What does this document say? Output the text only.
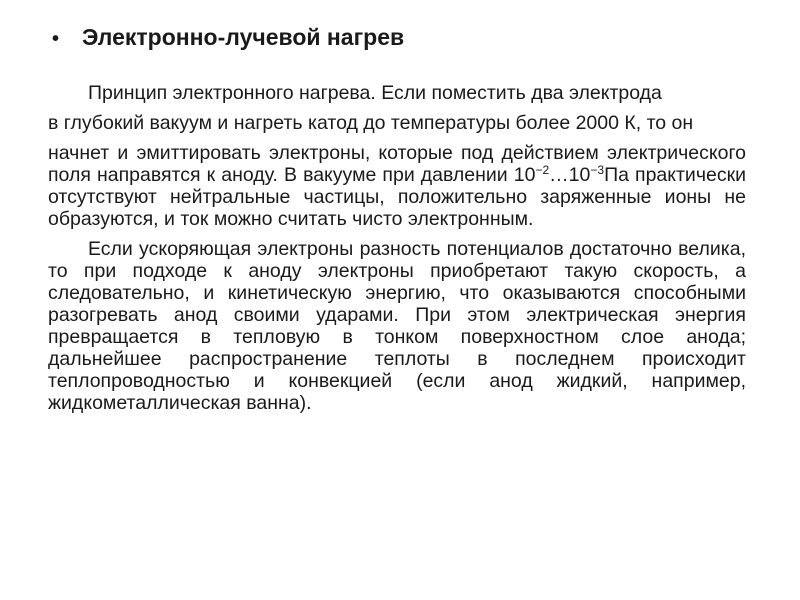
• Электронно-лучевой нагрев

Принцип электронного нагрева. Если поместить два электрода

в глубокий вакуум и нагреть катод до температуры более 2000 К, то он

начнет и эмиттировать электроны, которые под действием электрического поля направятся к аноду. В вакууме при давлении $10^{-2}\dots 10^{-3}Па$ практически отсутствуют нейтральные частицы, положительно заряженные ионы не образуются, и ток можно считать чисто электронным.

Если ускоряющая электроны разность потенциалов достаточно велика, то при подходе к аноду электроны приобретают такую скорость, а следовательно, и кинетическую энергию, что оказываются способными разогревать анод своими ударами. При этом электрическая энергия превращается в тепловую в тонком поверхностном слое анода; дальнейшее распространение теплоты в последнем происходит теплопроводностью и конвекцией (если анод жидкий, например, жидкометаллическая ванна).
